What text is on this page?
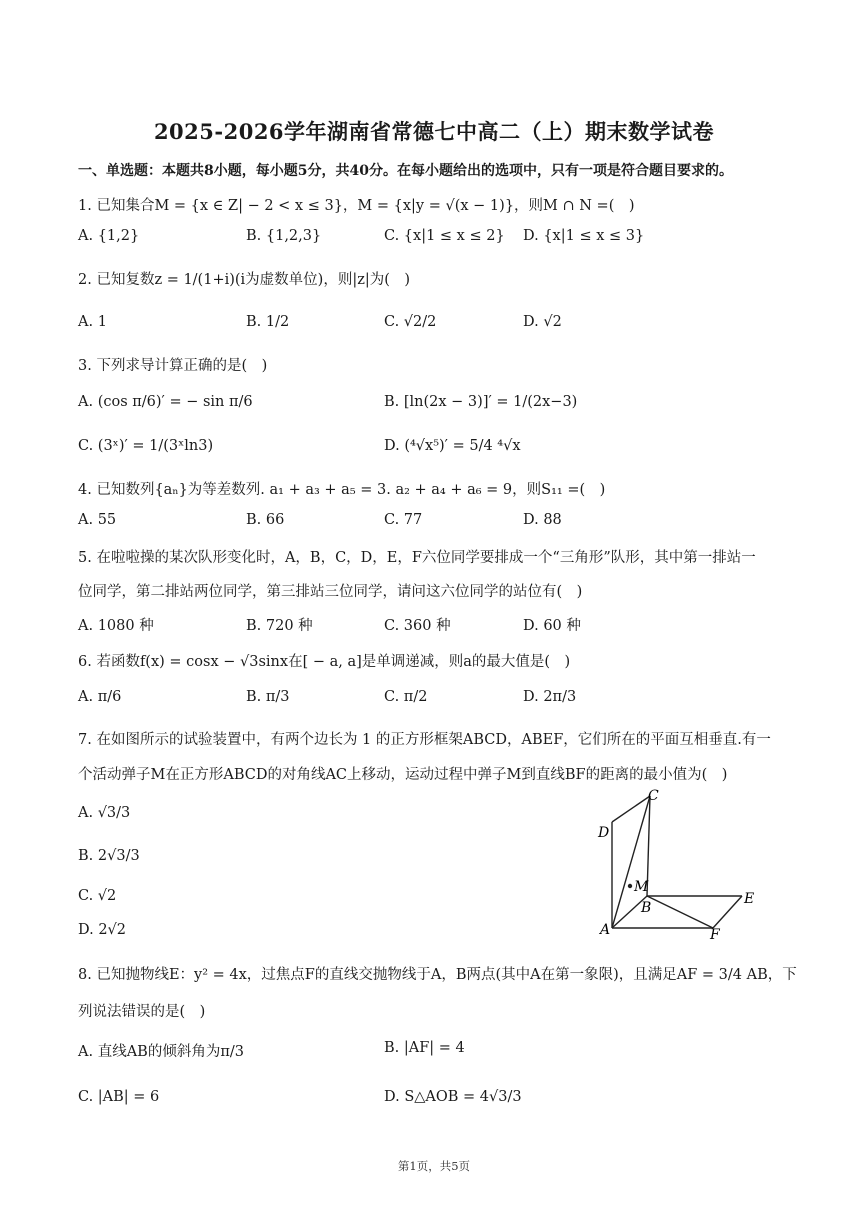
2025-2026学年湖南省常德七中高二（上）期末数学试卷
一、单选题：本题共8小题，每小题5分，共40分。在每小题给出的选项中，只有一项是符合题目要求的。
1. 已知集合M = {x ∈ Z| − 2 < x ≤ 3}，M = {x|y = √(x − 1)}，则M ∩ N =(　)
A. {1,2}	B. {1,2,3}	C. {x|1 ≤ x ≤ 2} D. {x|1 ≤ x ≤ 3}
2. 已知复数z = 1/(1+i)(i为虚数单位)，则|z|为(　)
A. 1	B. 1/2	C. √2/2	D. √2
3. 下列求导计算正确的是(　)
A. (cos π/6)′ = − sin π/6	B. [ln(2x − 3)]′ = 1/(2x−3)
C. (3ˣ)′ = 1/(3ˣln3)	D. (⁴√x⁵)′ = 5/4 ⁴√x
4. 已知数列{aₙ}为等差数列. a₁ + a₃ + a₅ = 3. a₂ + a₄ + a₆ = 9，则S₁₁ =(　)
A. 55	B. 66	C. 77	D. 88
5. 在啦啦操的某次队形变化时，A，B，C，D，E，F六位同学要排成一个“三角形”队形，其中第一排站一
位同学，第二排站两位同学，第三排站三位同学，请问这六位同学的站位有(　)
A. 1080 种	B. 720 种	C. 360 种	D. 60 种
6. 若函数f(x) = cosx − √3sinx在[ − a, a]是单调递减，则a的最大值是(　)
A. π/6	B. π/3	C. π/2	D. 2π/3
7. 在如图所示的试验装置中，有两个边长为 1 的正方形框架ABCD，ABEF，它们所在的平面互相垂直.有一
个活动弹子M在正方形ABCD的对角线AC上移动，运动过程中弹子M到直线BF的距离的最小值为(　)
A. √3/3
B. 2√3/3
C. √2
D. 2√2
C
D
M
B
E
A	F
8. 已知抛物线E：y² = 4x，过焦点F的直线交抛物线于A，B两点(其中A在第一象限)，且满足AF = 3/4 AB，下
列说法错误的是(　)
A. 直线AB的倾斜角为π/3	B. |AF| = 4
C. |AB| = 6	D. S△AOB = 4√3/3
第1页，共5页
